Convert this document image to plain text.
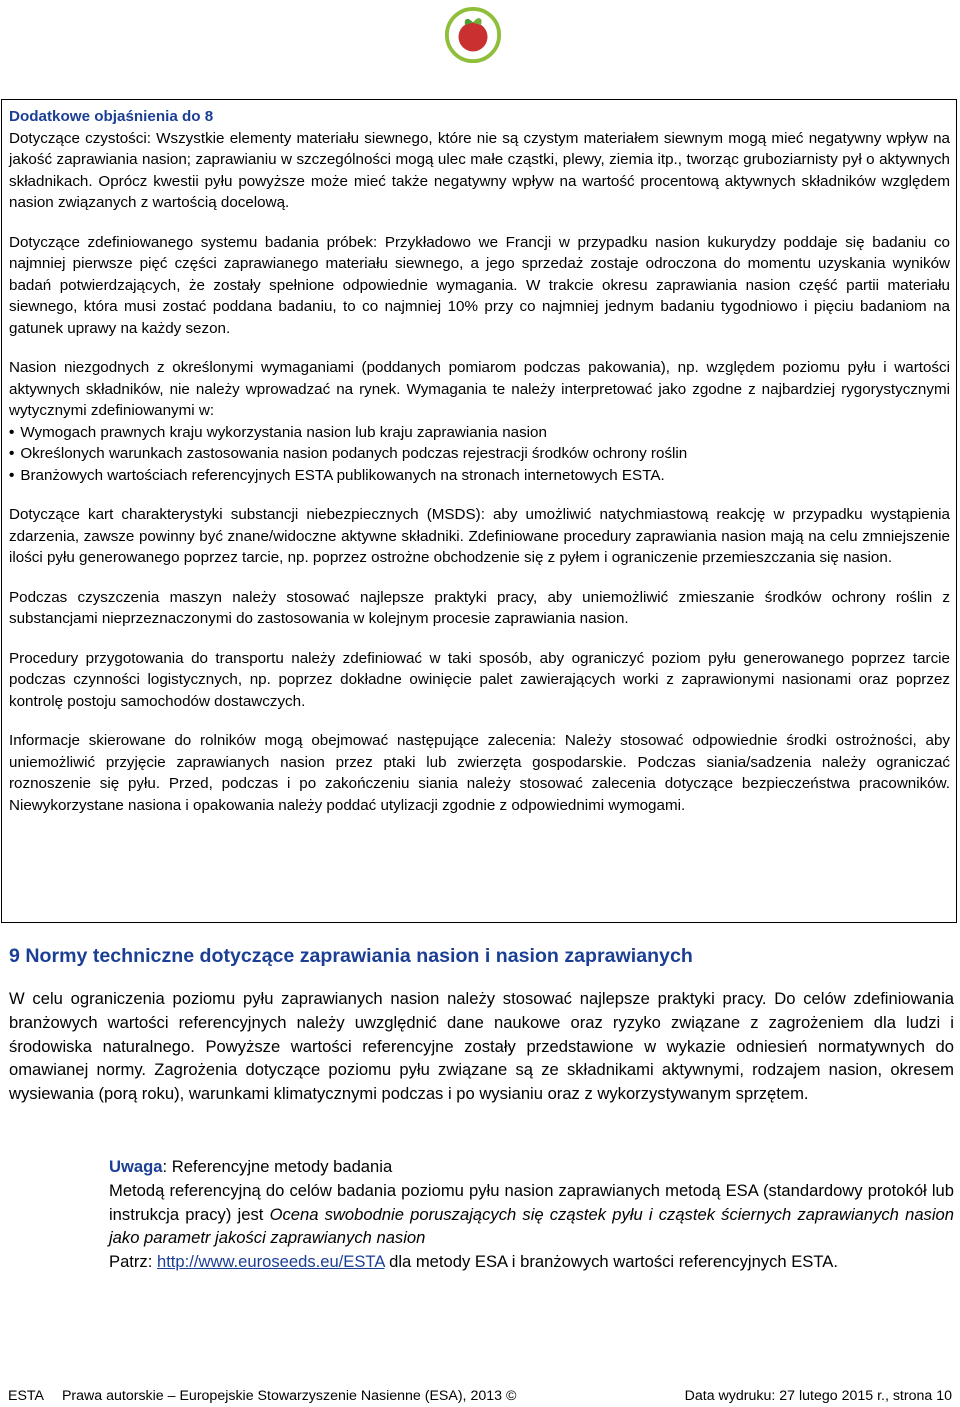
Dodatkowe objaśnienia do 8
Dotyczące czystości: Wszystkie elementy materiału siewnego, które nie są czystym materiałem siewnym mogą mieć negatywny wpływ na jakość zaprawiania nasion; zaprawianiu w szczególności mogą ulec małe cząstki, plewy, ziemia itp., tworząc gruboziarnisty pył o aktywnych składnikach. Oprócz kwestii pyłu powyższe może mieć także negatywny wpływ na wartość procentową aktywnych składników względem nasion związanych z wartością docelową.

Dotyczące zdefiniowanego systemu badania próbek: Przykładowo we Francji w przypadku nasion kukurydzy poddaje się badaniu co najmniej pierwsze pięć części zaprawianego materiału siewnego, a jego sprzedaż zostaje odroczona do momentu uzyskania wyników badań potwierdzających, że zostały spełnione odpowiednie wymagania. W trakcie okresu zaprawiania nasion część partii materiału siewnego, która musi zostać poddana badaniu, to co najmniej 10% przy co najmniej jednym badaniu tygodniowo i pięciu badaniom na gatunek uprawy na każdy sezon.

Nasion niezgodnych z określonymi wymaganiami (poddanych pomiarom podczas pakowania), np. względem poziomu pyłu i wartości aktywnych składników, nie należy wprowadzać na rynek. Wymagania te należy interpretować jako zgodne z najbardziej rygorystycznymi wytycznymi zdefiniowanymi w:

• Wymogach prawnych kraju wykorzystania nasion lub kraju zaprawiania nasion
• Określonych warunkach zastosowania nasion podanych podczas rejestracji środków ochrony roślin
• Branżowych wartościach referencyjnych ESTA publikowanych na stronach internetowych ESTA.

Dotyczące kart charakterystyki substancji niebezpiecznych (MSDS): aby umożliwić natychmiastową reakcję w przypadku wystąpienia zdarzenia, zawsze powinny być znane/widoczne aktywne składniki. Zdefiniowane procedury zaprawiania nasion mają na celu zmniejszenie ilości pyłu generowanego poprzez tarcie, np. poprzez ostrożne obchodzenie się z pyłem i ograniczenie przemieszczania się nasion.

Podczas czyszczenia maszyn należy stosować najlepsze praktyki pracy, aby uniemożliwić zmieszanie środków ochrony roślin z substancjami nieprzeznaczonymi do zastosowania w kolejnym procesie zaprawiania nasion.

Procedury przygotowania do transportu należy zdefiniować w taki sposób, aby ograniczyć poziom pyłu generowanego poprzez tarcie podczas czynności logistycznych, np. poprzez dokładne owinięcie palet zawierających worki z zaprawionymi nasionami oraz poprzez kontrolę postoju samochodów dostawczych.

Informacje skierowane do rolników mogą obejmować następujące zalecenia: Należy stosować odpowiednie środki ostrożności, aby uniemożliwić przyjęcie zaprawianych nasion przez ptaki lub zwierzęta gospodarskie. Podczas siania/sadzenia należy ograniczać roznoszenie się pyłu. Przed, podczas i po zakończeniu siania należy stosować zalecenia dotyczące bezpieczeństwa pracowników. Niewykorzystane nasiona i opakowania należy poddać utylizacji zgodnie z odpowiednimi wymogami.

9 Normy techniczne dotyczące zaprawiania nasion i nasion zaprawianych

W celu ograniczenia poziomu pyłu zaprawianych nasion należy stosować najlepsze praktyki pracy. Do celów zdefiniowania branżowych wartości referencyjnych należy uwzględnić dane naukowe oraz ryzyko związane z zagrożeniem dla ludzi i środowiska naturalnego. Powyższe wartości referencyjne zostały przedstawione w wykazie odniesień normatywnych do omawianej normy. Zagrożenia dotyczące poziomu pyłu związane są ze składnikami aktywnymi, rodzajem nasion, okresem wysiewania (porą roku), warunkami klimatycznymi podczas i po wysianiu oraz z wykorzystywanym sprzętem.

Uwaga: Referencyjne metody badania
Metodą referencyjną do celów badania poziomu pyłu nasion zaprawianych metodą ESA (standardowy protokół lub instrukcja pracy) jest Ocena swobodnie poruszających się cząstek pyłu i cząstek ściernych zaprawianych nasion jako parametr jakości zaprawianych nasion
Patrz: http://www.euroseeds.eu/ESTA dla metody ESA i branżowych wartości referencyjnych ESTA.
ESTA Prawa autorskie – Europejskie Stowarzyszenie Nasienne (ESA), 2013 ©	Data wydruku: 27 lutego 2015 r., strona 10
